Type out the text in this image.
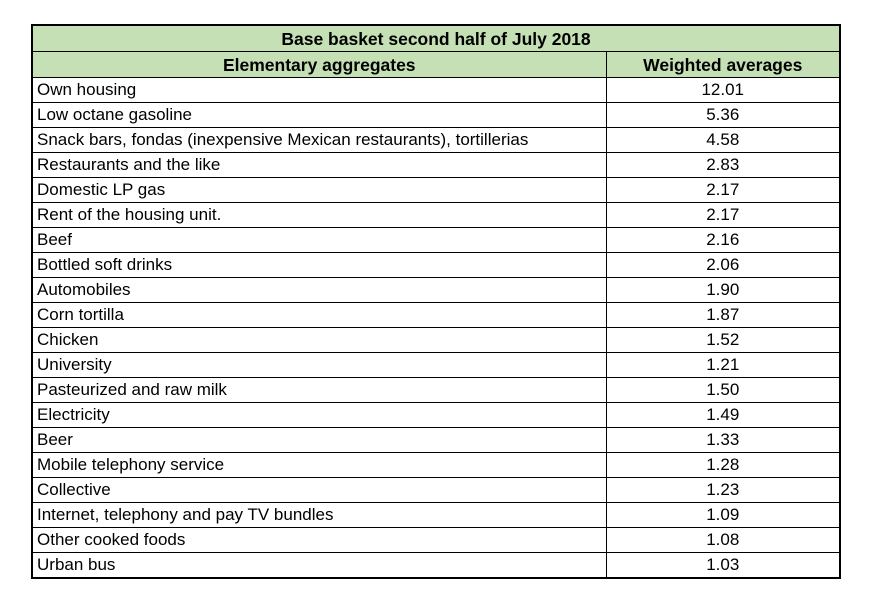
Base basket second half of July 2018	
Elementary aggregates	Weighted averages
Own housing	12.01
Low octane gasoline	5.36
Snack bars, fondas (inexpensive Mexican restaurants), tortillerias	4.58
Restaurants and the like	2.83
Domestic LP gas	2.17
Rent of the housing unit.	2.17
Beef	2.16
Bottled soft drinks	2.06
Automobiles	1.90
Corn tortilla	1.87
Chicken	1.52
University	1.21
Pasteurized and raw milk	1.50
Electricity	1.49
Beer	1.33
Mobile telephony service	1.28
Collective	1.23
Internet, telephony and pay TV bundles	1.09
Other cooked foods	1.08
Urban bus	1.03
